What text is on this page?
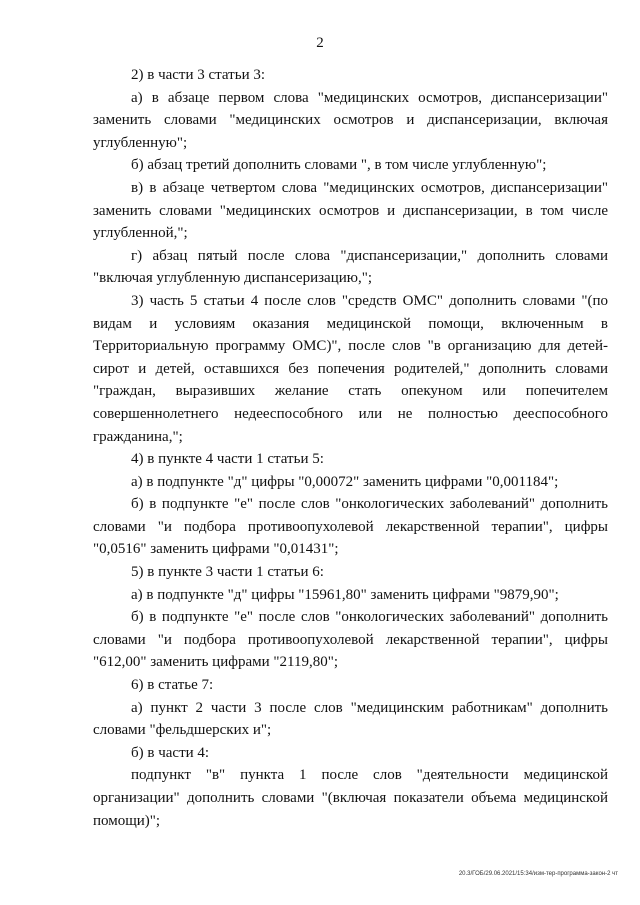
2

2) в части 3 статьи 3:

а) в абзаце первом слова "медицинских осмотров, диспансеризации" заменить словами "медицинских осмотров и диспансеризации, включая углубленную";

б) абзац третий дополнить словами ", в том числе углубленную";

в) в абзаце четвертом слова "медицинских осмотров, диспансеризации" заменить словами "медицинских осмотров и диспансеризации, в том числе углубленной,";

г) абзац пятый после слова "диспансеризации," дополнить словами "включая углубленную диспансеризацию,";

3) часть 5 статьи 4 после слов "средств ОМС" дополнить словами "(по видам и условиям оказания медицинской помощи, включенным в Территориальную программу ОМС)", после слов "в организацию для детей-сирот и детей, оставшихся без попечения родителей," дополнить словами "граждан, выразивших желание стать опекуном или попечителем совершеннолетнего недееспособного или не полностью дееспособного гражданина,";

4) в пункте 4 части 1 статьи 5:

а) в подпункте "д" цифры "0,00072" заменить цифрами "0,001184";

б) в подпункте "е" после слов "онкологических заболеваний" дополнить словами "и подбора противоопухолевой лекарственной терапии", цифры "0,0516" заменить цифрами "0,01431";

5) в пункте 3 части 1 статьи 6:

а) в подпункте "д" цифры "15961,80" заменить цифрами "9879,90";

б) в подпункте "е" после слов "онкологических заболеваний" дополнить словами "и подбора противоопухолевой лекарственной терапии", цифры "612,00" заменить цифрами "2119,80";

6) в статье 7:

а) пункт 2 части 3 после слов "медицинским работникам" дополнить словами "фельдшерских и";

б) в части 4:

подпункт "в" пункта 1 после слов "деятельности медицинской организации" дополнить словами "(включая показатели объема медицинской помощи)";

20.3/ГОБ/29.06.2021/15:34/изм-тер-программа-закон-2 чт
